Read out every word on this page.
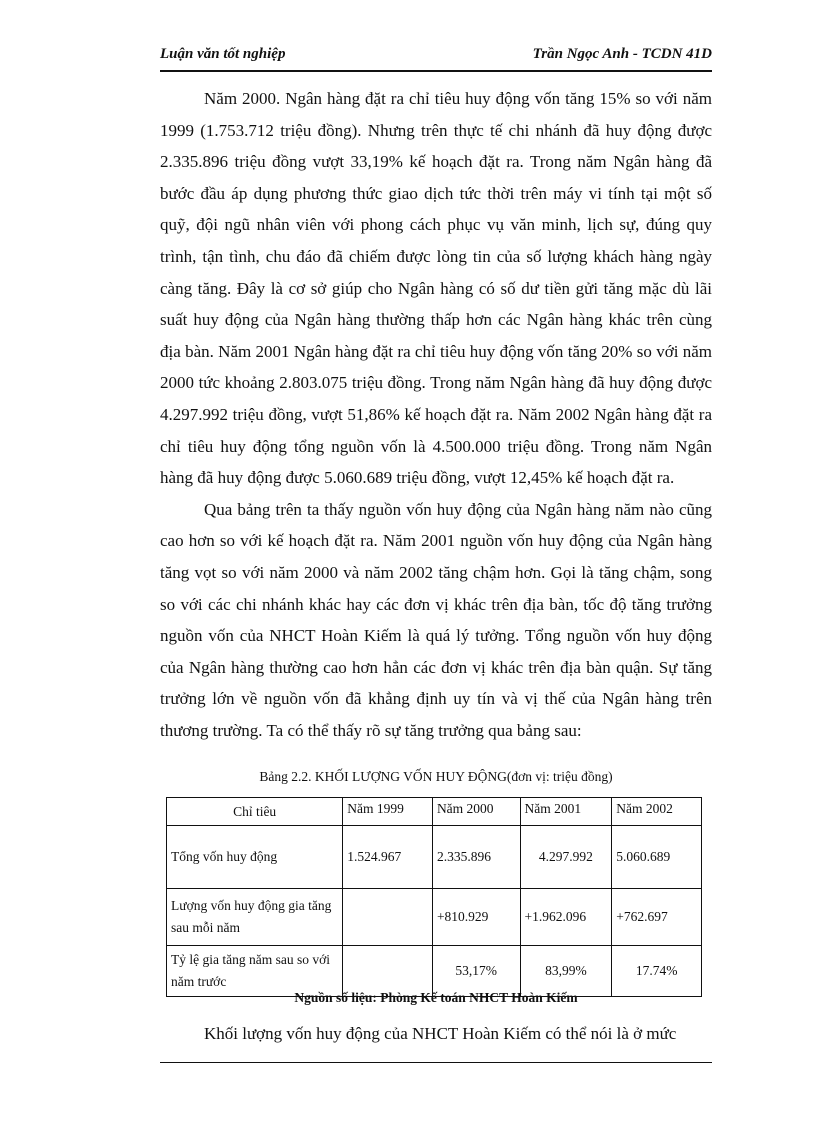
Luận văn tốt nghiệp	Trần Ngọc Anh - TCDN 41D

Năm 2000. Ngân hàng đặt ra chỉ tiêu huy động vốn tăng 15% so với năm 1999 (1.753.712 triệu đồng). Nhưng trên thực tế chi nhánh đã huy động được 2.335.896 triệu đồng vượt 33,19% kế hoạch đặt ra. Trong năm Ngân hàng đã bước đầu áp dụng phương thức giao dịch tức thời trên máy vi tính tại một số quỹ, đội ngũ nhân viên với phong cách phục vụ văn minh, lịch sự, đúng quy trình, tận tình, chu đáo đã chiếm được lòng tin của số lượng khách hàng ngày càng tăng. Đây là cơ sở giúp cho Ngân hàng có số dư tiền gửi tăng mặc dù lãi suất huy động của Ngân hàng thường thấp hơn các Ngân hàng khác trên cùng địa bàn. Năm 2001 Ngân hàng đặt ra chỉ tiêu huy động vốn tăng 20% so với năm 2000 tức khoảng 2.803.075 triệu đồng. Trong năm Ngân hàng đã huy động được 4.297.992 triệu đồng, vượt 51,86% kế hoạch đặt ra. Năm 2002 Ngân hàng đặt ra chỉ tiêu huy động tổng nguồn vốn là 4.500.000 triệu đồng. Trong năm Ngân hàng đã huy động được 5.060.689 triệu đồng, vượt 12,45% kế hoạch đặt ra.

Qua bảng trên ta thấy nguồn vốn huy động của Ngân hàng năm nào cũng cao hơn so với kế hoạch đặt ra. Năm 2001 nguồn vốn huy động của Ngân hàng tăng vọt so với năm 2000 và năm 2002 tăng chậm hơn. Gọi là tăng chậm, song so với các chi nhánh khác hay các đơn vị khác trên địa bàn, tốc độ tăng trưởng nguồn vốn của NHCT Hoàn Kiếm là quá lý tưởng. Tổng nguồn vốn huy động của Ngân hàng thường cao hơn hẳn các đơn vị khác trên địa bàn quận. Sự tăng trưởng lớn về nguồn vốn đã khẳng định uy tín và vị thế của Ngân hàng trên thương trường. Ta có thể thấy rõ sự tăng trưởng qua bảng sau:

Bảng 2.2. KHỐI LƯỢNG VỐN HUY ĐỘNG(đơn vị: triệu đồng)
Chỉ tiêu	Năm 1999	Năm 2000	Năm 2001	Năm 2002
Tổng vốn huy động	1.524.967	2.335.896	4.297.992	5.060.689
Lượng vốn huy động gia tăng sau mỗi năm		+810.929	+1.962.096	+762.697
Tỷ lệ gia tăng năm sau so với năm trước		53,17%	83,99%	17.74%
Nguồn số liệu: Phòng Kế toán NHCT Hoàn Kiếm
Khối lượng vốn huy động của NHCT Hoàn Kiếm có thể nói là ở mức
